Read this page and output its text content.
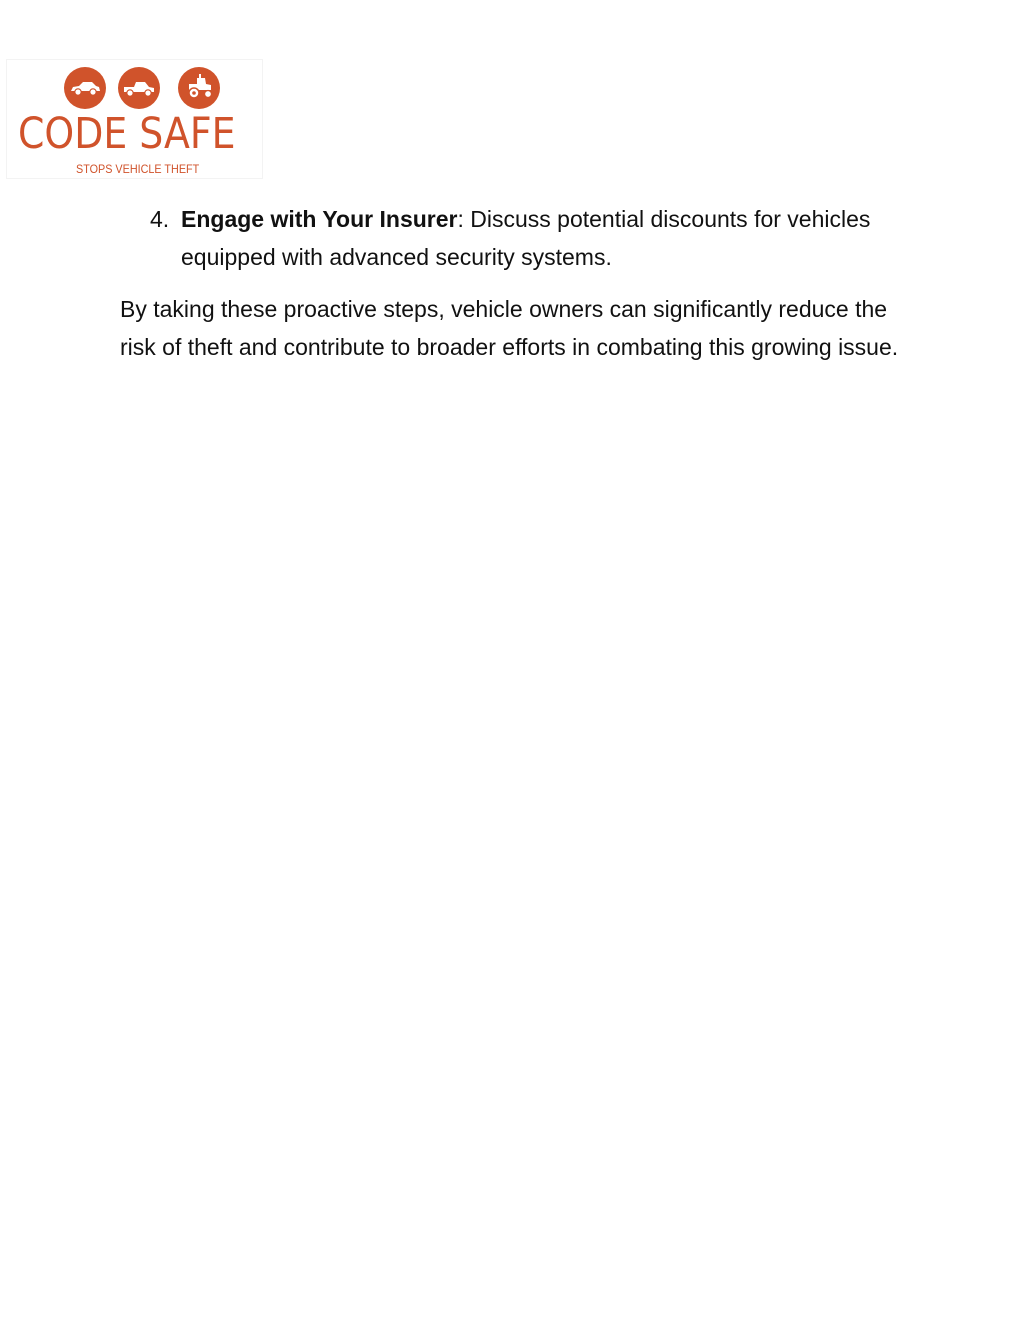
CODE SAFE
STOPS VEHICLE THEFT
4. Engage with Your Insurer: Discuss potential discounts for vehicles equipped with advanced security systems.

By taking these proactive steps, vehicle owners can significantly reduce the risk of theft and contribute to broader efforts in combating this growing issue.
